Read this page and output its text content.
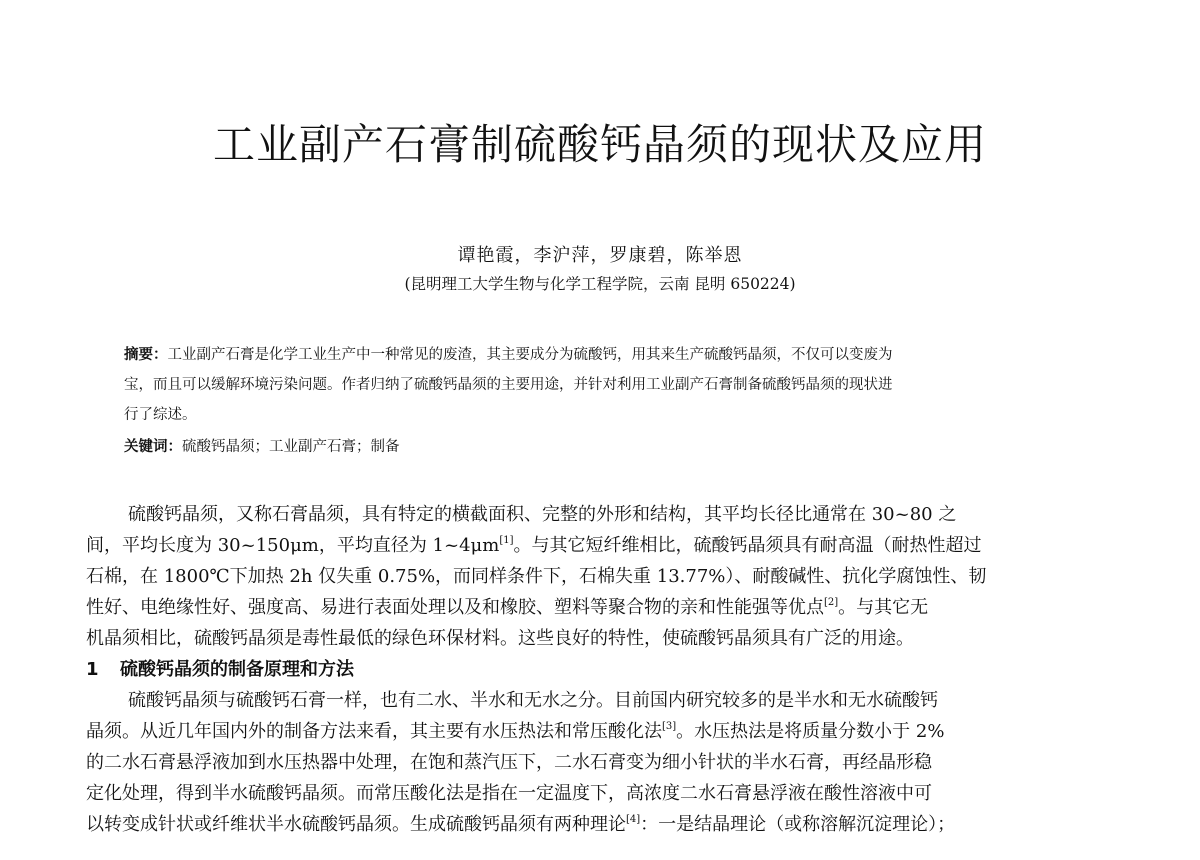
工业副产石膏制硫酸钙晶须的现状及应用
谭艳霞，李沪萍，罗康碧，陈举恩
(昆明理工大学生物与化学工程学院，云南 昆明 650224)
摘要：工业副产石膏是化学工业生产中一种常见的废渣，其主要成分为硫酸钙，用其来生产硫酸钙晶须，不仅可以变废为
宝，而且可以缓解环境污染问题。作者归纳了硫酸钙晶须的主要用途，并针对利用工业副产石膏制备硫酸钙晶须的现状进
行了综述。
关键词：硫酸钙晶须；工业副产石膏；制备
硫酸钙晶须，又称石膏晶须，具有特定的横截面积、完整的外形和结构，其平均长径比通常在 30~80 之
间，平均长度为 30~150μm，平均直径为 1~4μm[1]。与其它短纤维相比，硫酸钙晶须具有耐高温（耐热性超过
石棉，在 1800℃下加热 2h 仅失重 0.75%，而同样条件下，石棉失重 13.77%）、耐酸碱性、抗化学腐蚀性、韧
性好、电绝缘性好、强度高、易进行表面处理以及和橡胶、塑料等聚合物的亲和性能强等优点[2]。与其它无
机晶须相比，硫酸钙晶须是毒性最低的绿色环保材料。这些良好的特性，使硫酸钙晶须具有广泛的用途。
1 硫酸钙晶须的制备原理和方法
硫酸钙晶须与硫酸钙石膏一样，也有二水、半水和无水之分。目前国内研究较多的是半水和无水硫酸钙
晶须。从近几年国内外的制备方法来看，其主要有水压热法和常压酸化法[3]。水压热法是将质量分数小于 2%
的二水石膏悬浮液加到水压热器中处理，在饱和蒸汽压下，二水石膏变为细小针状的半水石膏，再经晶形稳
定化处理，得到半水硫酸钙晶须。而常压酸化法是指在一定温度下，高浓度二水石膏悬浮液在酸性溶液中可
以转变成针状或纤维状半水硫酸钙晶须。生成硫酸钙晶须有两种理论[4]：一是结晶理论（或称溶解沉淀理论）；
